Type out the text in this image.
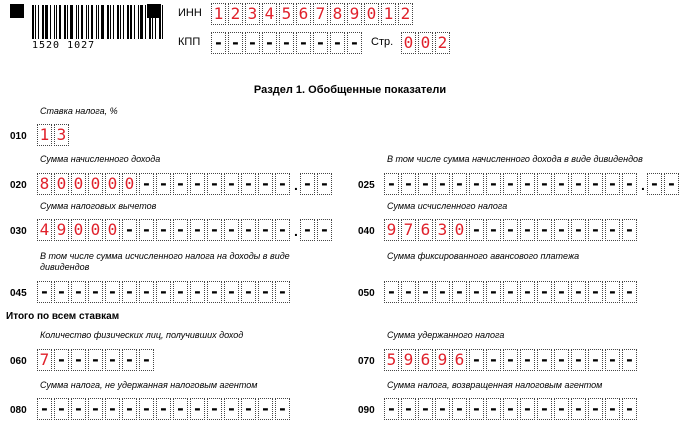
1520 1027
ИНН 1 2 3 4 5 6 7 8 9 0 1 2
КПП - - - - - - - - - Стр. 0 0 2
Раздел 1. Обобщенные показатели
Ставка налога, %
010 1 3
Сумма начисленного дохода
020 8 0 0 0 0 0 - - - - - - - - - . - -
В том числе сумма начисленного дохода в виде дивидендов
025 - - - - - - - - - - - - - - - . - -
Сумма налоговых вычетов
030 4 9 0 0 0 - - - - - - - - - - . - -
Сумма исчисленного налога
040 9 7 6 3 0 - - - - - - - - - -
В том числе сумма исчисленного налога на доходы в виде дивидендов
045 - - - - - - - - - - - - - - -
Сумма фиксированного авансового платежа
050 - - - - - - - - - - - - - - -
Итого по всем ставкам
Количество физических лиц, получивших доход
060 7 - - - - - -
Сумма удержанного налога
070 5 9 6 9 6 - - - - - - - - - -
Сумма налога, не удержанная налоговым агентом
080 - - - - - - - - - - - - - - -
Сумма налога, возвращенная налоговым агентом
090 - - - - - - - - - - - - - - -
